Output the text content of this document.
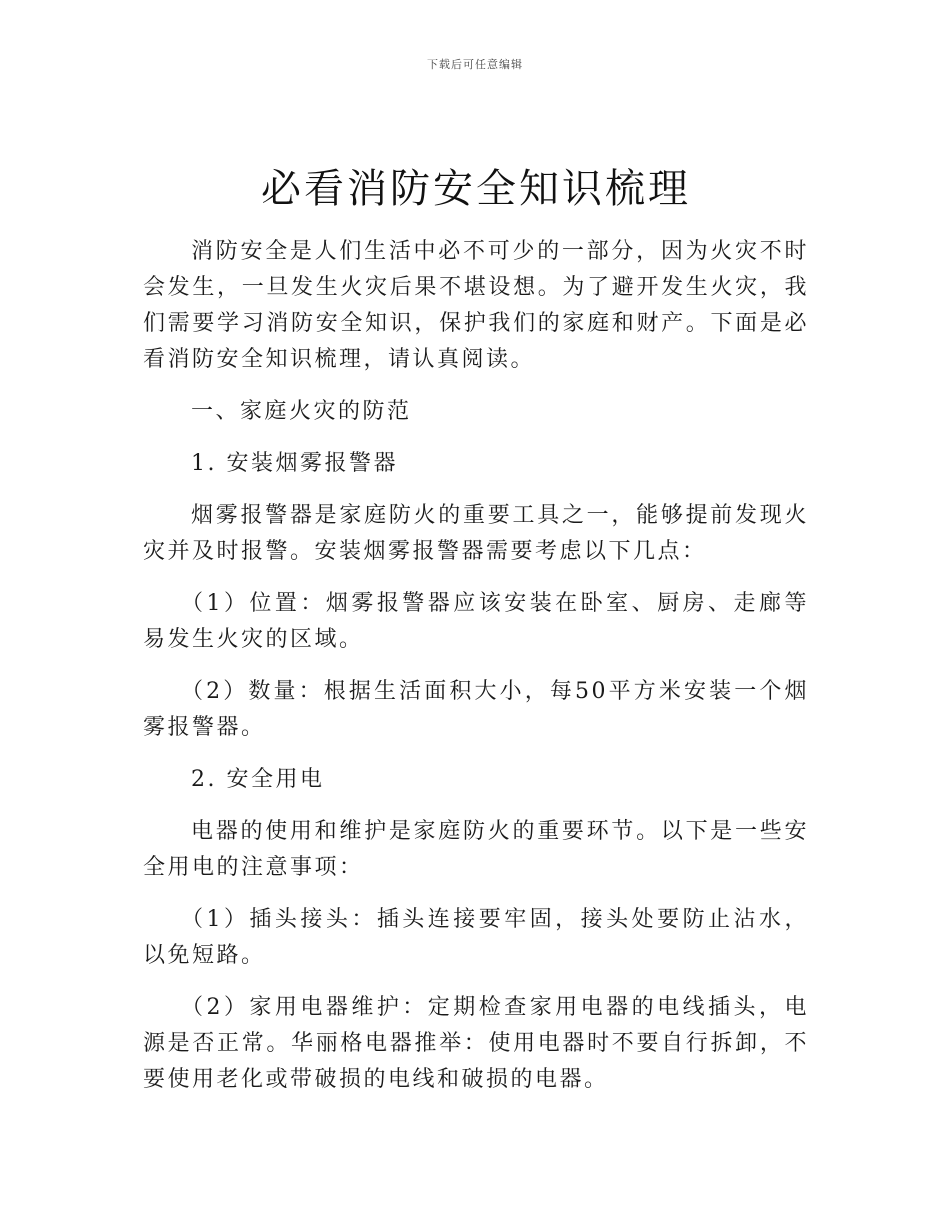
下载后可任意编辑
必看消防安全知识梳理

消防安全是人们生活中必不可少的一部分，因为火灾不时会发生，一旦发生火灾后果不堪设想。为了避开发生火灾，我们需要学习消防安全知识，保护我们的家庭和财产。下面是必看消防安全知识梳理，请认真阅读。

一、家庭火灾的防范

1. 安装烟雾报警器

烟雾报警器是家庭防火的重要工具之一，能够提前发现火灾并及时报警。安装烟雾报警器需要考虑以下几点：

（1）位置：烟雾报警器应该安装在卧室、厨房、走廊等易发生火灾的区域。

（2）数量：根据生活面积大小，每50平方米安装一个烟雾报警器。

2. 安全用电

电器的使用和维护是家庭防火的重要环节。以下是一些安全用电的注意事项：

（1）插头接头：插头连接要牢固，接头处要防止沾水，以免短路。

（2）家用电器维护：定期检查家用电器的电线插头，电源是否正常。华丽格电器推举：使用电器时不要自行拆卸，不要使用老化或带破损的电线和破损的电器。
